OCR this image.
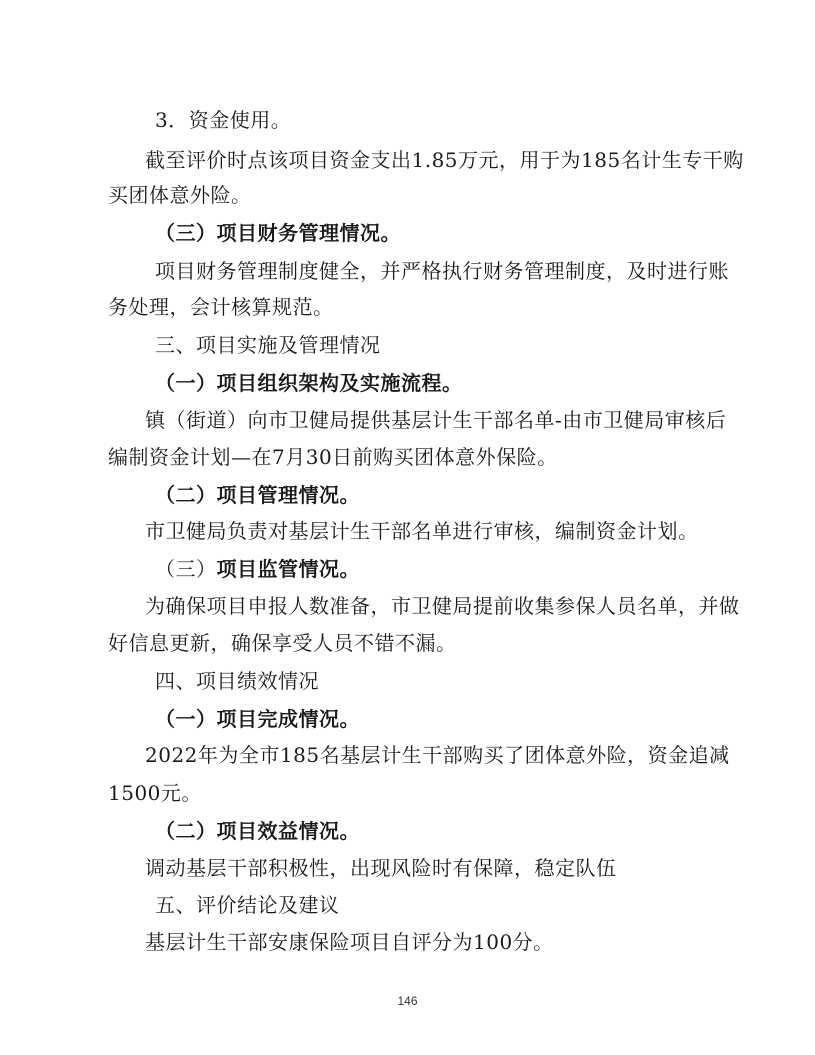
3．资金使用。
截至评价时点该项目资金支出1.85万元，用于为185名计生专干购
买团体意外险。
（三）项目财务管理情况。
项目财务管理制度健全，并严格执行财务管理制度，及时进行账
务处理，会计核算规范。
三、项目实施及管理情况
（一）项目组织架构及实施流程。
镇（街道）向市卫健局提供基层计生干部名单-由市卫健局审核后
编制资金计划—在7月30日前购买团体意外保险。
（二）项目管理情况。
市卫健局负责对基层计生干部名单进行审核，编制资金计划。
（三）项目监管情况。
为确保项目申报人数准备，市卫健局提前收集参保人员名单，并做
好信息更新，确保享受人员不错不漏。
四、项目绩效情况
（一）项目完成情况。
2022年为全市185名基层计生干部购买了团体意外险，资金追减
1500元。
（二）项目效益情况。
调动基层干部积极性，出现风险时有保障，稳定队伍
五、评价结论及建议
基层计生干部安康保险项目自评分为100分。
146
